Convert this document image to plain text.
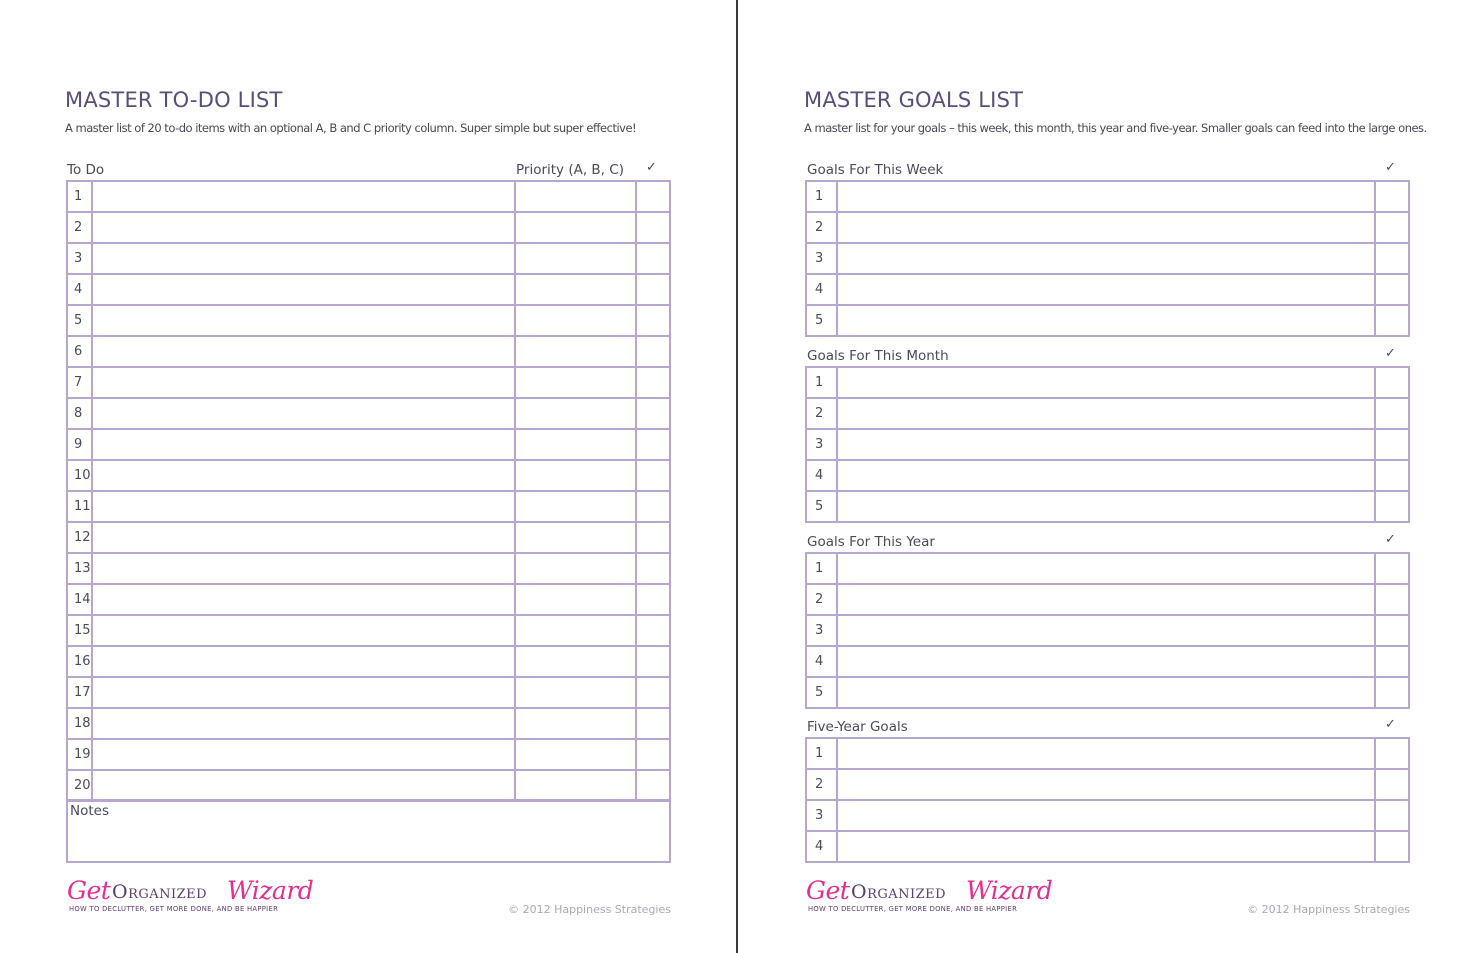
MASTER TO-DO LIST
A master list of 20 to-do items with an optional A, B and C priority column. Super simple but super effective!
To Do	Priority (A, B, C) ✓
1			
2			
3			
4			
5			
6			
7			
8			
9			
10			
11			
12			
13			
14			
15			
16			
17			
18			
19			
20			
Notes
Get Organized Wizard
HOW TO DECLUTTER, GET MORE DONE, AND BE HAPPIER	© 2012 Happiness Strategies
MASTER GOALS LIST
A master list for your goals – this week, this month, this year and five-year. Smaller goals can feed into the large ones.
Goals For This Week	✓
1		
2		
3		
4		
5		
Goals For This Month	✓
1		
2		
3		
4		
5		
Goals For This Year	✓
1		
2		
3		
4		
5		
Five-Year Goals	✓
1		
2		
3		
4		
Get Organized Wizard
HOW TO DECLUTTER, GET MORE DONE, AND BE HAPPIER	© 2012 Happiness Strategies
